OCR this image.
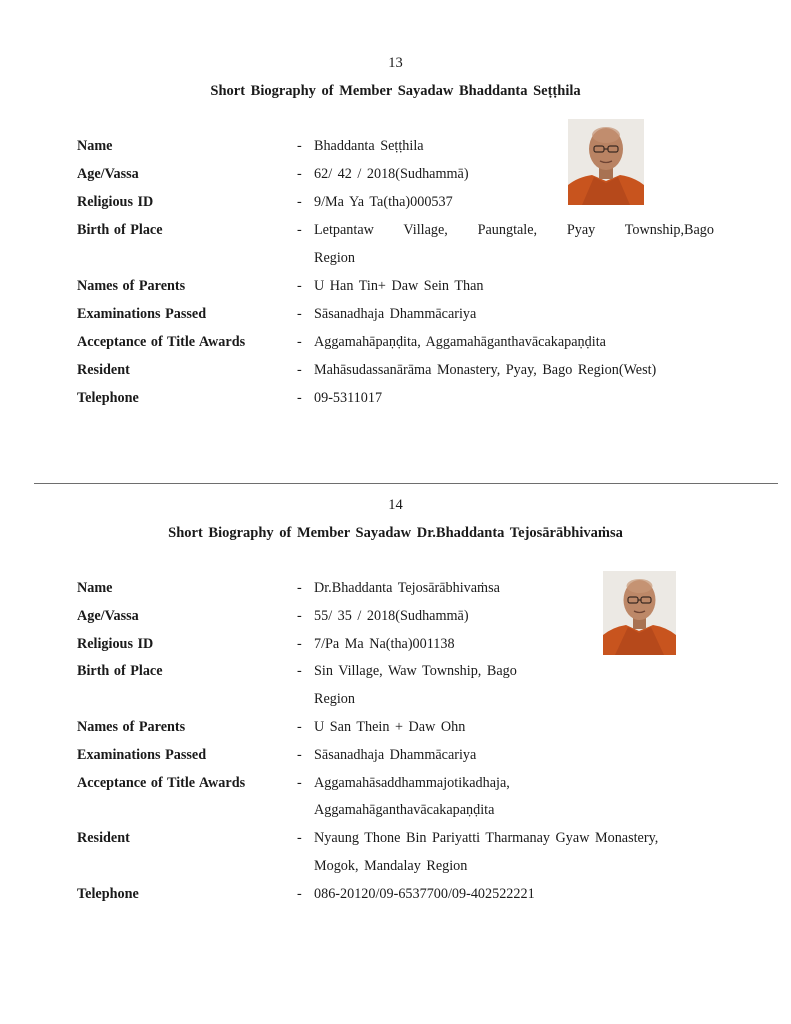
13
Short Biography of Member Sayadaw Bhaddanta Seṭṭhila
Name	- Bhaddanta Seṭṭhila
Age/Vassa	- 62/ 42 / 2018(Sudhammā)
Religious ID	- 9/Ma Ya Ta(tha)000537
Birth of Place	- Letpantaw Village, Paungtale, Pyay Township,Bago
Region
Names of Parents	- U Han Tin+ Daw Sein Than
Examinations Passed	- Sāsanadhaja Dhammācariya
Acceptance of Title Awards	- Aggamahāpaṇḍita, Aggamahāganthavācakapaṇḍita
Resident	- Mahāsudassanārāma Monastery, Pyay, Bago Region(West)
Telephone	- 09-5311017
14
Short Biography of Member Sayadaw Dr.Bhaddanta Tejosārābhivaṁsa
Name	- Dr.Bhaddanta Tejosārābhivaṁsa
Age/Vassa	- 55/ 35 / 2018(Sudhammā)
Religious ID	- 7/Pa Ma Na(tha)001138
Birth of Place	- Sin Village, Waw Township, Bago
Region
Names of Parents	- U San Thein + Daw Ohn
Examinations Passed	- Sāsanadhaja Dhammācariya
Acceptance of Title Awards	- Aggamahāsaddhammajotikadhaja,
Aggamahāganthavācakapaṇḍita
Resident	- Nyaung Thone Bin Pariyatti Tharmanay Gyaw Monastery,
Mogok, Mandalay Region
Telephone	- 086-20120/09-6537700/09-402522221
